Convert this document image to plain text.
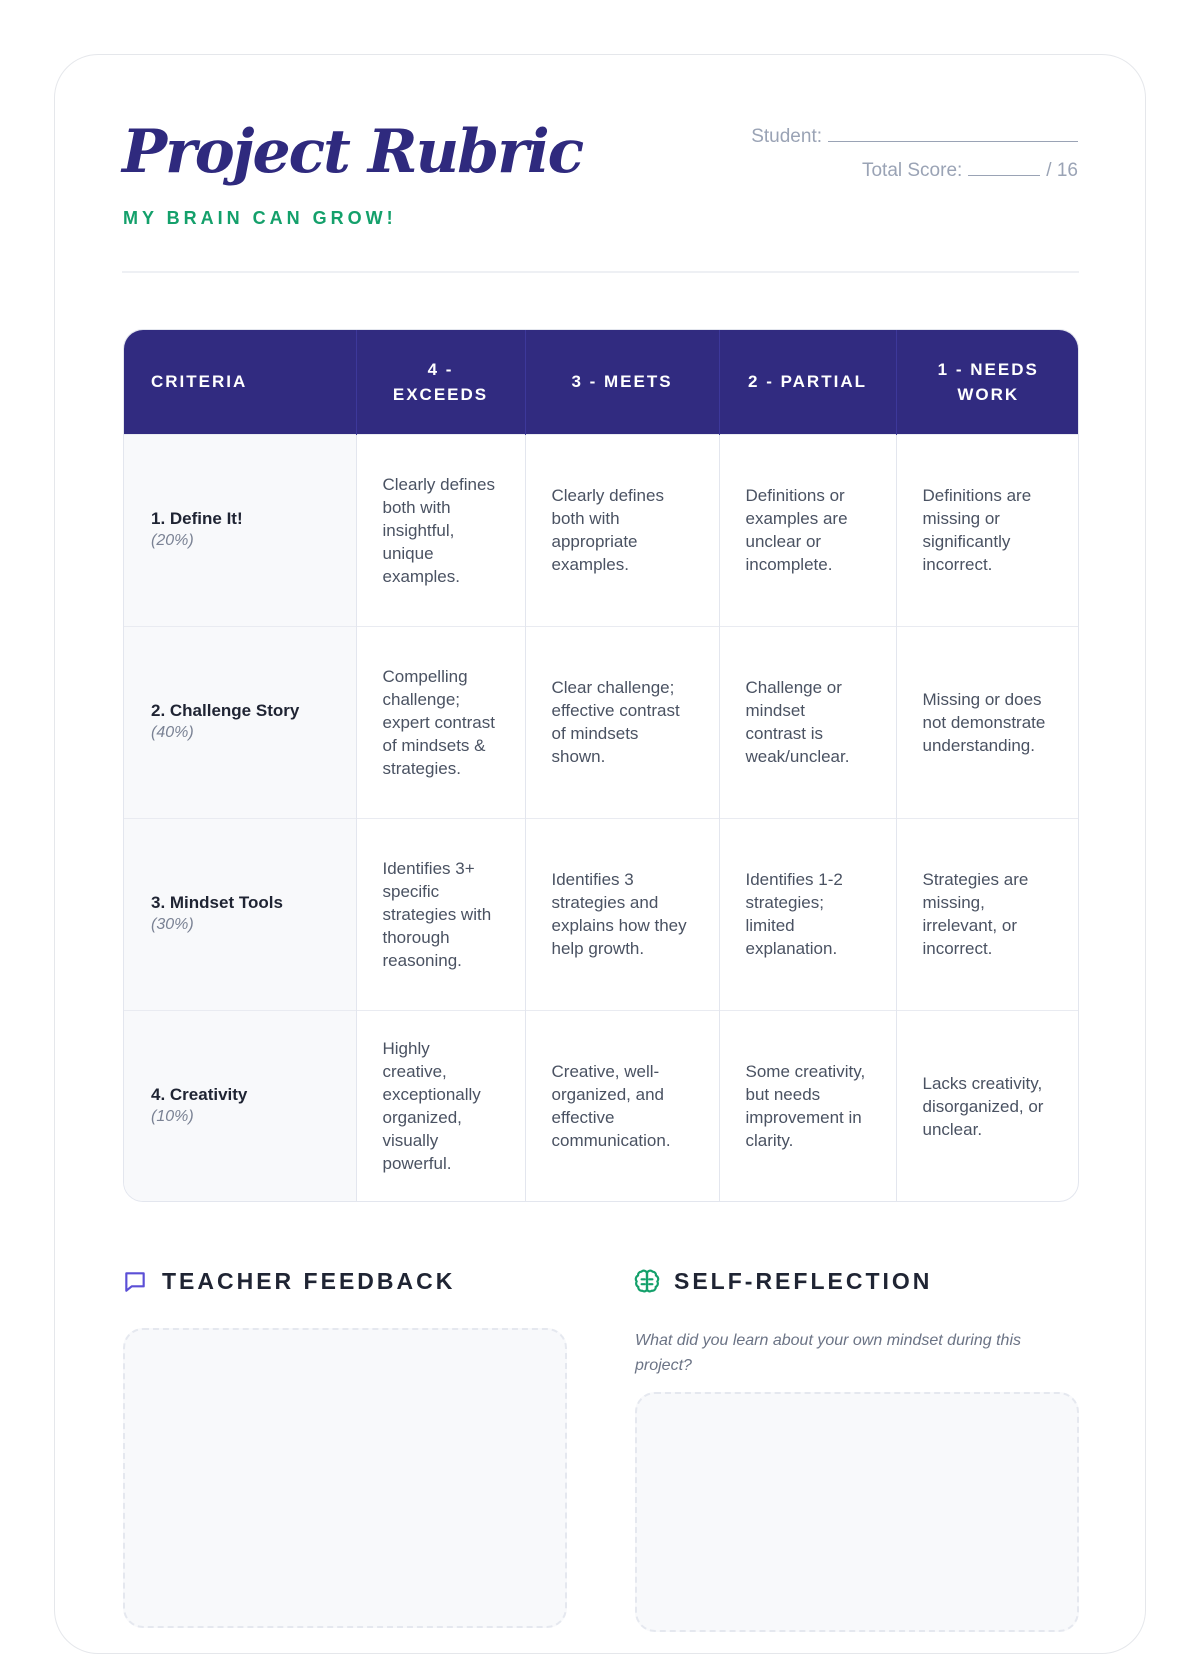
Project Rubric
MY BRAIN CAN GROW!
Student:
Total Score:	/ 16
CRITERIA	4 - EXCEEDS	3 - MEETS	2 - PARTIAL	1 - NEEDS WORK

1. Define It!
(20%)	Clearly defines both with insightful, unique examples.	Clearly defines both with appropriate examples.	Definitions or examples are unclear or incomplete.	Definitions are missing or significantly incorrect.

2. Challenge Story
(40%)	Compelling challenge; expert contrast of mindsets & strategies.	Clear challenge; effective contrast of mindsets shown.	Challenge or mindset contrast is weak/unclear.	Missing or does not demonstrate understanding.

3. Mindset Tools
(30%)	Identifies 3+ specific strategies with thorough reasoning.	Identifies 3 strategies and explains how they help growth.	Identifies 1-2 strategies; limited explanation.	Strategies are missing, irrelevant, or incorrect.

4. Creativity
(10%)	Highly creative, exceptionally organized, visually powerful.	Creative, well-organized, and effective communication.	Some creativity, but needs improvement in clarity.	Lacks creativity, disorganized, or unclear.
TEACHER FEEDBACK	SELF-REFLECTION
What did you learn about your own mindset during this project?
